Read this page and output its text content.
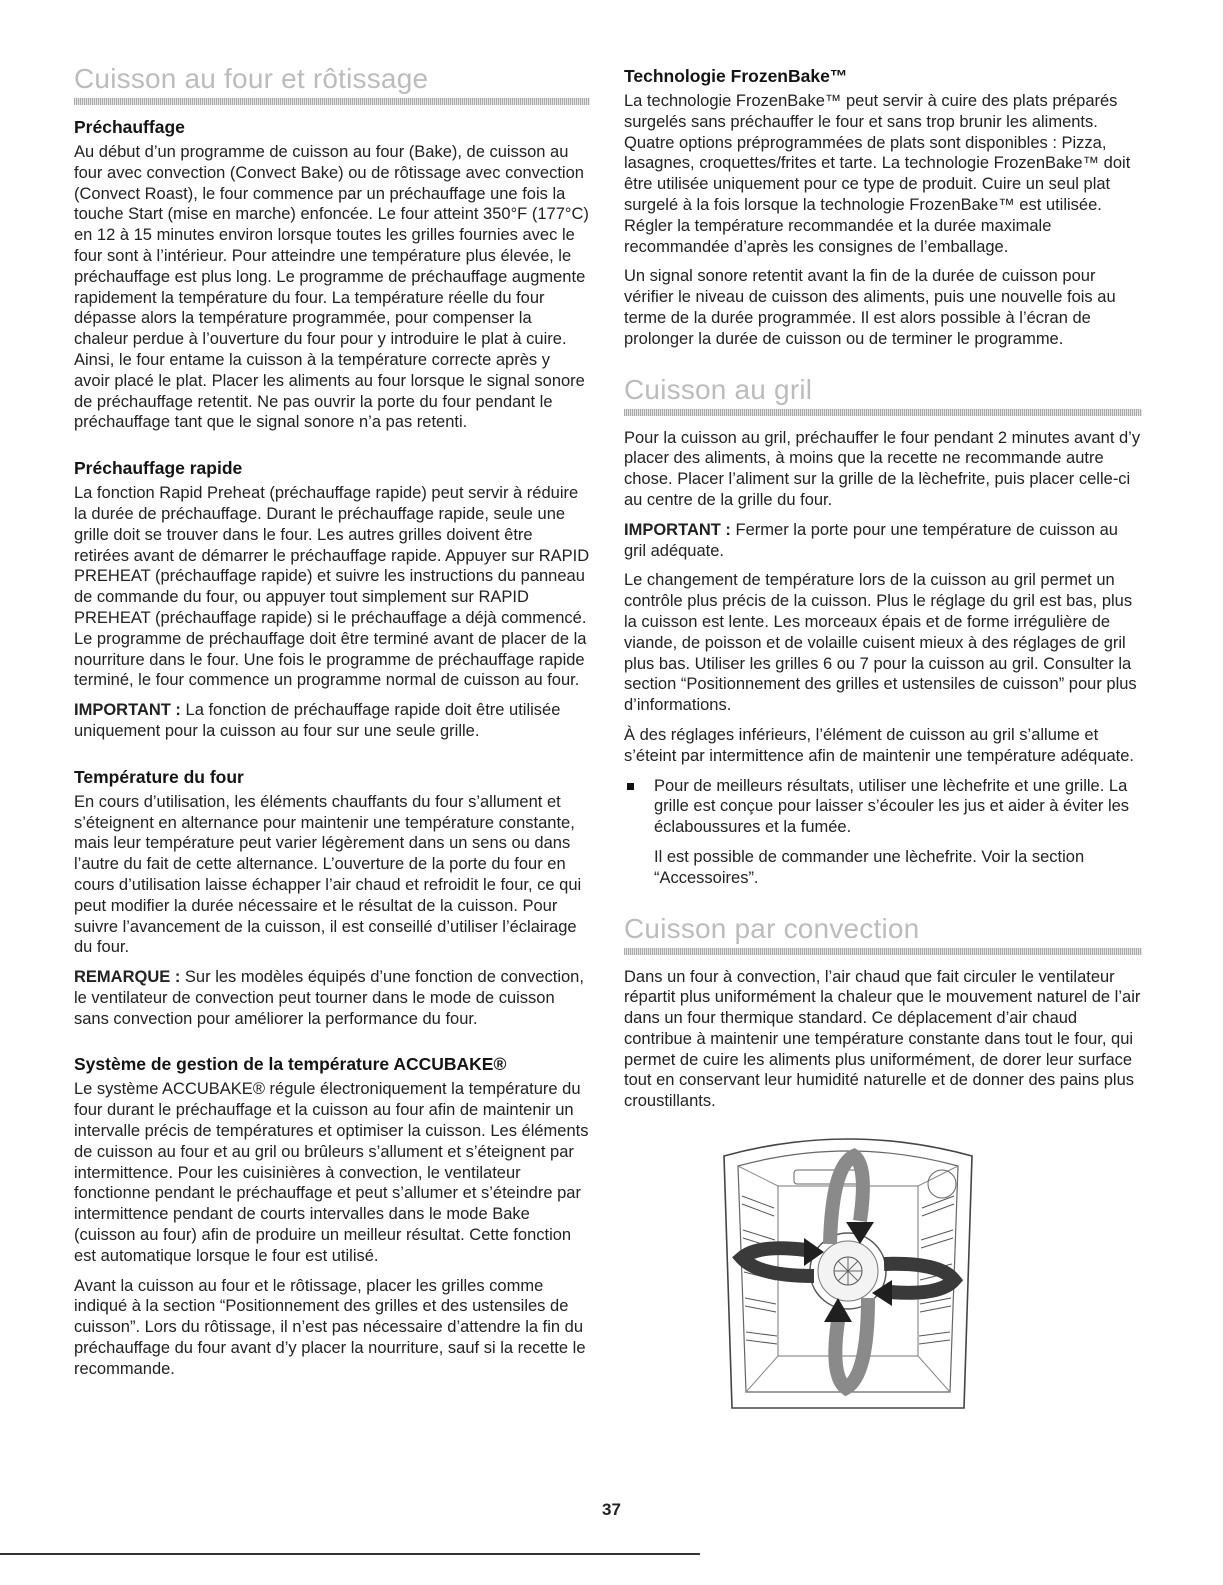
Cuisson au four et rôtissage
Préchauffage

Au début d’un programme de cuisson au four (Bake), de cuisson au four avec convection (Convect Bake) ou de rôtissage avec convection (Convect Roast), le four commence par un préchauffage une fois la touche Start (mise en marche) enfoncée. Le four atteint 350°F (177°C) en 12 à 15 minutes environ lorsque toutes les grilles fournies avec le four sont à l’intérieur. Pour atteindre une température plus élevée, le préchauffage est plus long. Le programme de préchauffage augmente rapidement la température du four. La température réelle du four dépasse alors la température programmée, pour compenser la chaleur perdue à l’ouverture du four pour y introduire le plat à cuire. Ainsi, le four entame la cuisson à la température correcte après y avoir placé le plat. Placer les aliments au four lorsque le signal sonore de préchauffage retentit. Ne pas ouvrir la porte du four pendant le préchauffage tant que le signal sonore n’a pas retenti.

Préchauffage rapide

La fonction Rapid Preheat (préchauffage rapide) peut servir à réduire la durée de préchauffage. Durant le préchauffage rapide, seule une grille doit se trouver dans le four. Les autres grilles doivent être retirées avant de démarrer le préchauffage rapide. Appuyer sur RAPID PREHEAT (préchauffage rapide) et suivre les instructions du panneau de commande du four, ou appuyer tout simplement sur RAPID PREHEAT (préchauffage rapide) si le préchauffage a déjà commencé. Le programme de préchauffage doit être terminé avant de placer de la nourriture dans le four. Une fois le programme de préchauffage rapide terminé, le four commence un programme normal de cuisson au four.

IMPORTANT : La fonction de préchauffage rapide doit être utilisée uniquement pour la cuisson au four sur une seule grille.

Température du four

En cours d’utilisation, les éléments chauffants du four s’allument et s’éteignent en alternance pour maintenir une température constante, mais leur température peut varier légèrement dans un sens ou dans l’autre du fait de cette alternance. L’ouverture de la porte du four en cours d’utilisation laisse échapper l’air chaud et refroidit le four, ce qui peut modifier la durée nécessaire et le résultat de la cuisson. Pour suivre l’avancement de la cuisson, il est conseillé d’utiliser l’éclairage du four.

REMARQUE : Sur les modèles équipés d’une fonction de convection, le ventilateur de convection peut tourner dans le mode de cuisson sans convection pour améliorer la performance du four.

Système de gestion de la température ACCUBAKE®

Le système ACCUBAKE® régule électroniquement la température du four durant le préchauffage et la cuisson au four afin de maintenir un intervalle précis de températures et optimiser la cuisson. Les éléments de cuisson au four et au gril ou brûleurs s’allument et s’éteignent par intermittence. Pour les cuisinières à convection, le ventilateur fonctionne pendant le préchauffage et peut s’allumer et s’éteindre par intermittence pendant de courts intervalles dans le mode Bake (cuisson au four) afin de produire un meilleur résultat. Cette fonction est automatique lorsque le four est utilisé.

Avant la cuisson au four et le rôtissage, placer les grilles comme indiqué à la section “Positionnement des grilles et des ustensiles de cuisson”. Lors du rôtissage, il n’est pas nécessaire d’attendre la fin du préchauffage du four avant d’y placer la nourriture, sauf si la recette le recommande.

Technologie FrozenBake™

La technologie FrozenBake™ peut servir à cuire des plats préparés surgelés sans préchauffer le four et sans trop brunir les aliments. Quatre options préprogrammées de plats sont disponibles : Pizza, lasagnes, croquettes/frites et tarte. La technologie FrozenBake™ doit être utilisée uniquement pour ce type de produit. Cuire un seul plat surgelé à la fois lorsque la technologie FrozenBake™ est utilisée. Régler la température recommandée et la durée maximale recommandée d’après les consignes de l’emballage.

Un signal sonore retentit avant la fin de la durée de cuisson pour vérifier le niveau de cuisson des aliments, puis une nouvelle fois au terme de la durée programmée. Il est alors possible à l’écran de prolonger la durée de cuisson ou de terminer le programme.

Cuisson au gril

Pour la cuisson au gril, préchauffer le four pendant 2 minutes avant d’y placer des aliments, à moins que la recette ne recommande autre chose. Placer l’aliment sur la grille de la lèchefrite, puis placer celle-ci au centre de la grille du four.

IMPORTANT : Fermer la porte pour une température de cuisson au gril adéquate.

Le changement de température lors de la cuisson au gril permet un contrôle plus précis de la cuisson. Plus le réglage du gril est bas, plus la cuisson est lente. Les morceaux épais et de forme irrégulière de viande, de poisson et de volaille cuisent mieux à des réglages de gril plus bas. Utiliser les grilles 6 ou 7 pour la cuisson au gril. Consulter la section “Positionnement des grilles et ustensiles de cuisson” pour plus d’informations.

À des réglages inférieurs, l’élément de cuisson au gril s’allume et s’éteint par intermittence afin de maintenir une température adéquate.

Pour de meilleurs résultats, utiliser une lèchefrite et une grille. La grille est conçue pour laisser s’écouler les jus et aider à éviter les éclaboussures et la fumée.

Il est possible de commander une lèchefrite. Voir la section “Accessoires”.

Cuisson par convection

Dans un four à convection, l’air chaud que fait circuler le ventilateur répartit plus uniformément la chaleur que le mouvement naturel de l’air dans un four thermique standard. Ce déplacement d’air chaud contribue à maintenir une température constante dans tout le four, qui permet de cuire les aliments plus uniformément, de dorer leur surface tout en conservant leur humidité naturelle et de donner des pains plus croustillants.

37
